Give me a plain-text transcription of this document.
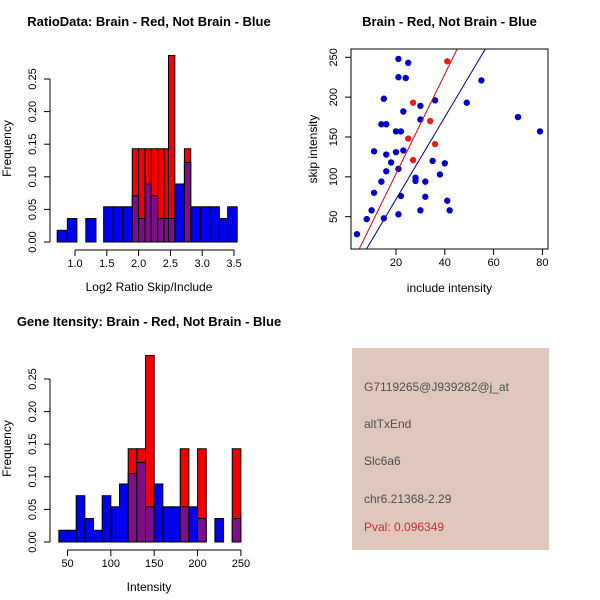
0.00
0.05
0.10
0.15
0.20
0.25
1.0 1.5 2.0 2.5 3.0 3.5
RatioData: Brain - Red, Not Brain - Blue
Log2 Ratio Skip/Include
Frequency
20	40	60	80
50
100
150
200
250
Brain - Red, Not Brain - Blue
include intensity
skip intensity
0.00
0.05
0.10
0.15
0.20
0.25
50	100 150 200 250
Gene Itensity: Brain - Red, Not Brain - Blue
Intensity
Frequency
G7119265@J939282@j_at
altTxEnd
Slc6a6
chr6.21368-2.29
Pval: 0.096349
